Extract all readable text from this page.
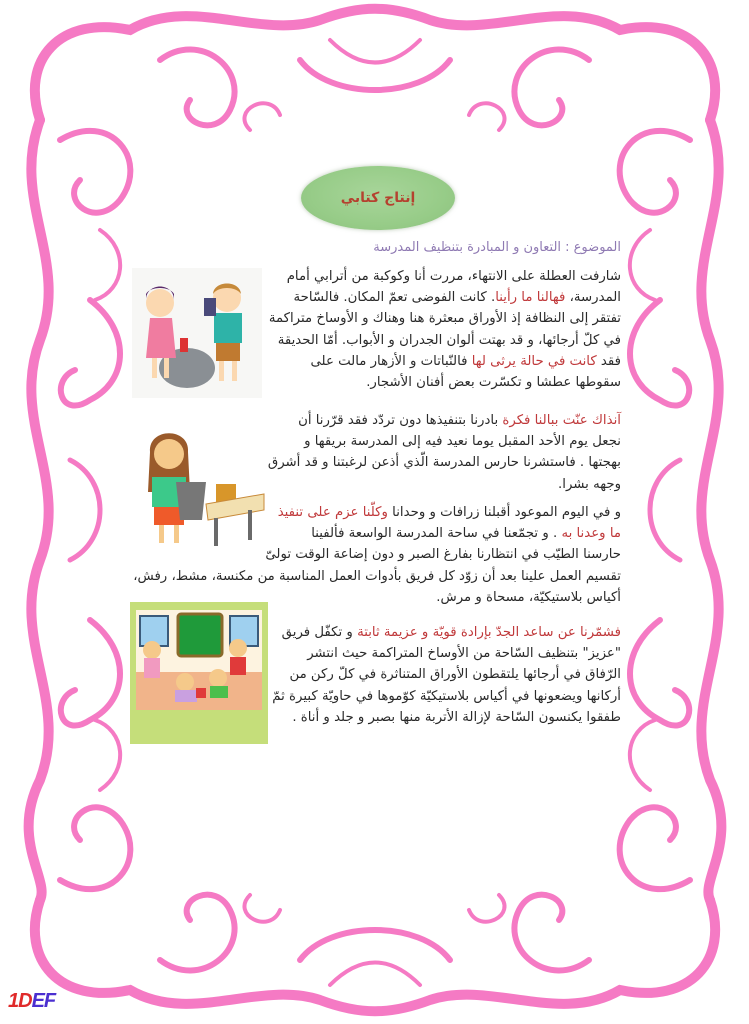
إنتاج كتابي
الموضوع : التعاون و المبادرة بتنظيف المدرسة
شارفت العطلة على الانتهاء، مررت أنا وكوكبة من أترابي أمام
المدرسة، فهالنا ما رأينا. كانت الفوضى تعمّ المكان. فالسّاحة
تفتقر إلى النظافة إذ الأوراق مبعثرة هنا وهناك و الأوساخ متراكمة
في كلّ أرجائها، و قد بهتت ألوان الجدران و الأبواب. أمّا الحديقة
فقد كانت في حالة يرثى لها فالنّباتات و الأزهار مالت على
سقوطها عطشا و تكسّرت بعض أفنان الأشجار.
آنذاك عنّت ببالنا فكرة بادرنا بتنفيذها دون تردّد فقد قرّرنا أن
نجعل يوم الأحد المقبل يوما نعيد فيه إلى المدرسة بريقها و
بهجتها . فاستشرنا حارس المدرسة الّذي أذعن لرغبتنا و قد أشرق
وجهه بشرا.
و في اليوم الموعود أقبلنا زرافات و وحدانا وكلّنا عزم على تنفيذ
ما وعدنا به . و تجمّعنا في ساحة المدرسة الواسعة فألفينا
حارسنا الطيّب في انتظارنا بفارغ الصبر و دون إضاعة الوقت تولىّ
تقسيم العمل علينا بعد أن زوّد كل فريق بأدوات العمل المناسبة من مكنسة، مشط، رفش،
أكياس بلاستيكيّة، مسحاة و مرش.
فشمّرنا عن ساعد الجدّ بإرادة قويّة و عزيمة ثابتة و تكفّل فريق
"عزيز" بتنظيف السّاحة من الأوساخ المتراكمة حيث انتشر
الرّفاق في أرجائها يلتقطون الأوراق المتناثرة في كلّ ركن من
أركانها ويضعونها في أكياس بلاستيكيّة كوّموها في حاويّة كبيرة ثمّ
طفقوا يكنسون السّاحة لإزالة الأتربة منها بصبر و جلد و أناة .
1DEF
